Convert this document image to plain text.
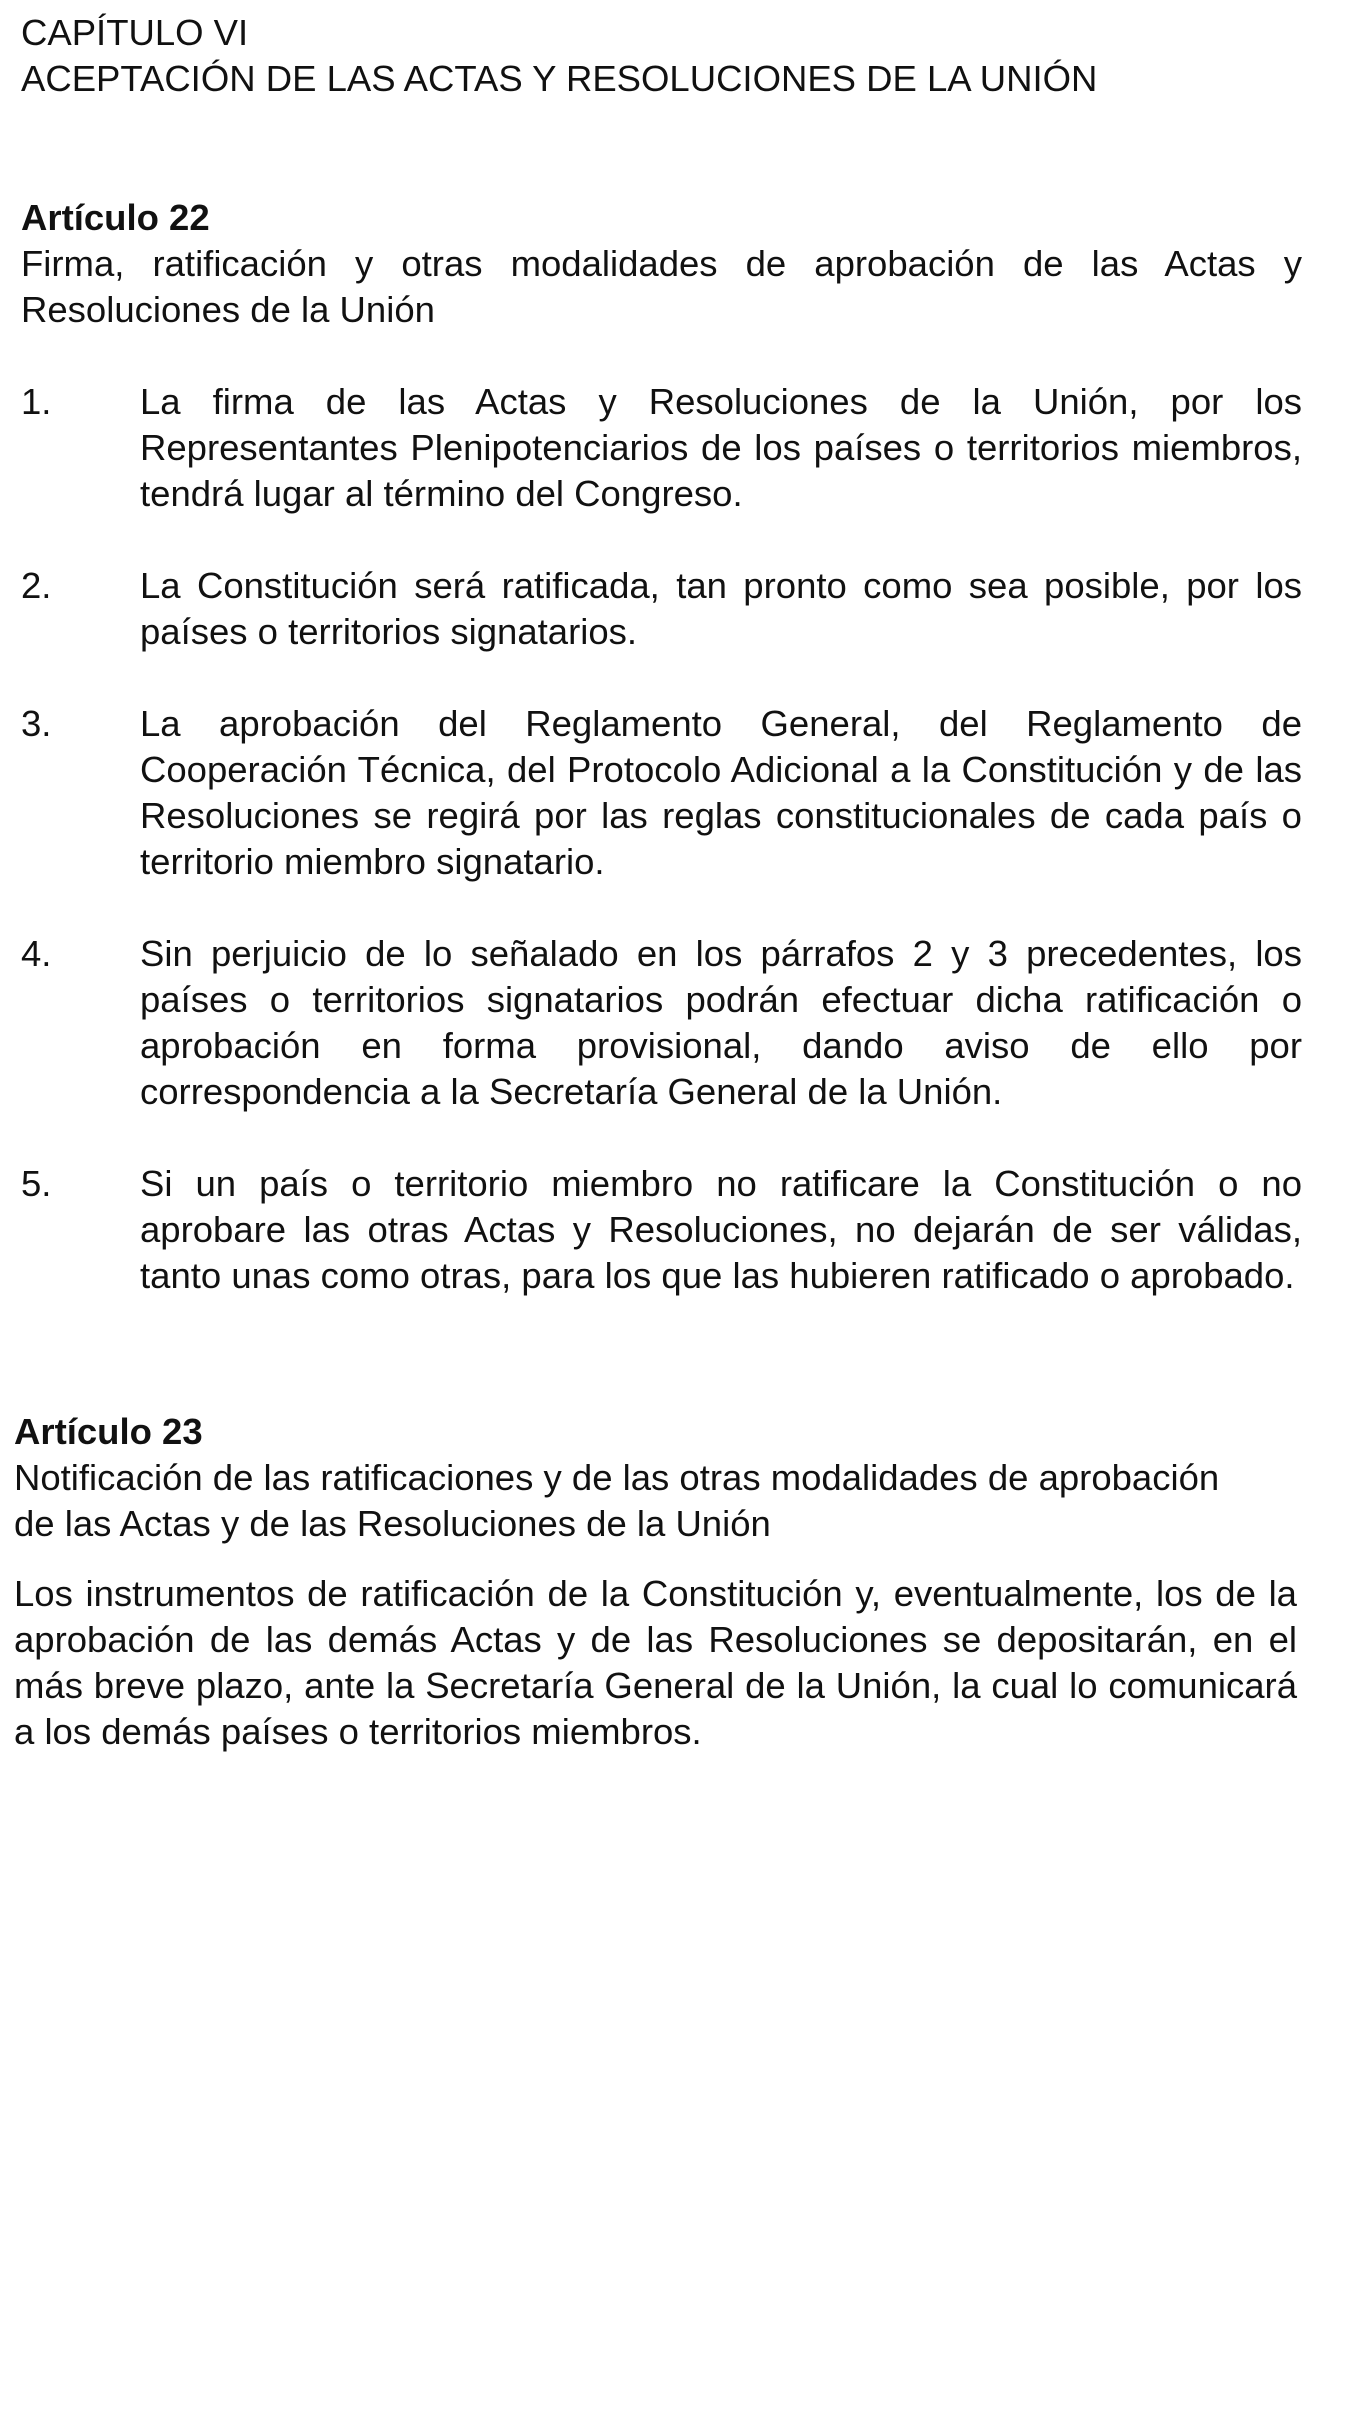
CAPÍTULO VI
ACEPTACIÓN DE LAS ACTAS Y RESOLUCIONES DE LA UNIÓN
Artículo 22
Firma, ratificación y otras modalidades de aprobación de las Actas y Resoluciones de la Unión
1. La firma de las Actas y Resoluciones de la Unión, por los Representantes Plenipotenciarios de los países o territorios miembros, tendrá lugar al término del Congreso.
2. La Constitución será ratificada, tan pronto como sea posible, por los países o territorios signatarios.
3. La aprobación del Reglamento General, del Reglamento de Cooperación Técnica, del Protocolo Adicional a la Constitución y de las Resoluciones se regirá por las reglas constitucionales de cada país o territorio miembro signatario.
4. Sin perjuicio de lo señalado en los párrafos 2 y 3 precedentes, los países o territorios signatarios podrán efectuar dicha ratificación o aprobación en forma provisional, dando aviso de ello por correspondencia a la Secretaría General de la Unión.
5. Si un país o territorio miembro no ratificare la Constitución o no aprobare las otras Actas y Resoluciones, no dejarán de ser válidas, tanto unas como otras, para los que las hubieren ratificado o aprobado.
Artículo 23
Notificación de las ratificaciones y de las otras modalidades de aprobación
de las Actas y de las Resoluciones de la Unión
Los instrumentos de ratificación de la Constitución y, eventualmente, los de la aprobación de las demás Actas y de las Resoluciones se depositarán, en el más breve plazo, ante la Secretaría General de la Unión, la cual lo comunicará a los demás países o territorios miembros.
